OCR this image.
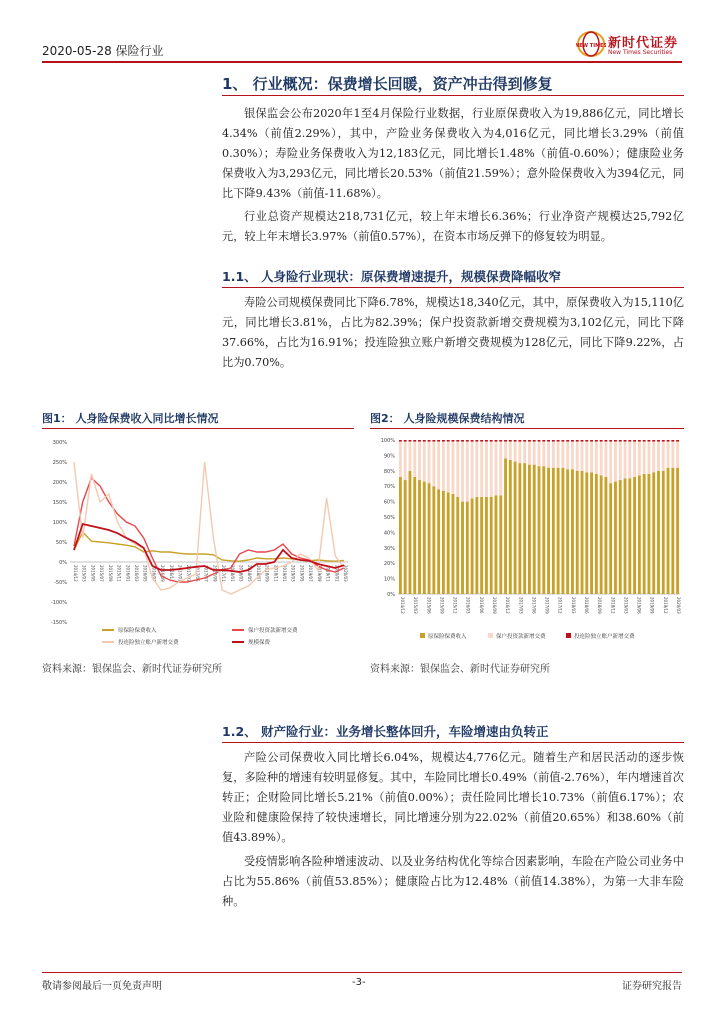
2020-05-28 保险行业	NEW TIMES 新时代证券
New Times Securities
1、 行业概况：保费增长回暖，资产冲击得到修复

银保监会公布2020年1至4月保险行业数据，行业原保费收入为19,886亿元，同比增长4.34%（前值2.29%），其中，产险业务保费收入为4,016亿元，同比增长3.29%（前值0.30%）；寿险业务保费收入为12,183亿元，同比增长1.48%（前值-0.60%）；健康险业务保费收入为3,293亿元，同比增长20.53%（前值21.59%）；意外险保费收入为394亿元，同比下降9.43%（前值-11.68%）。

行业总资产规模达218,731亿元，较上年末增长6.36%；行业净资产规模达25,792亿元，较上年末增长3.97%（前值0.57%），在资本市场反弹下的修复较为明显。

1.1、 人身险行业现状：原保费增速提升，规模保费降幅收窄

寿险公司规模保费同比下降6.78%，规模达18,340亿元，其中，原保费收入为15,110亿元，同比增长3.81%，占比为82.39%；保户投资款新增交费规模为3,102亿元，同比下降37.66%，占比为16.91%；投连险独立账户新增交费规模为128亿元，同比下降9.22%，占比为0.70%。

图1： 人身险保费收入同比增长情况
300%
250%
200%
150%
100%
50%
0%
-50%
-100%
-150%
2014/12 2015/03 2015/05 2015/07 2015/09 2015/11 2016/01 2016/03 2016/05 2016/07 2016/09 2016/11 2017/01 2017/03 2017/05 2017/07 2017/09 2017/11 2018/01 2018/03 2018/05 2018/07 2018/09 2018/11 2019/01 2019/03 2019/05 2019/07 2019/09 2019/11 2020/01 2020/03
原保险保费收入	保户投资款新增交费
投连险独立账户新增交费	规模保费
资料来源：银保监会、新时代证券研究所
图2： 人身险规模保费结构情况
100%
90%
80%
70%
60%
50%
40%
30%
20%
10%
0%
2014/12 2015/03 2015/06 2015/09 2015/12 2016/03 2016/06 2016/09 2016/12 2017/03 2017/06 2017/09 2017/12 2018/03 2018/06 2018/09 2018/12 2019/03 2019/06 2019/09 2019/12 2020/03
原保险保费收入	保户投资款新增交费	投连险独立账户新增交费
资料来源：银保监会、新时代证券研究所
1.2、 财产险行业：业务增长整体回升，车险增速由负转正

产险公司保费收入同比增长6.04%，规模达4,776亿元。随着生产和居民活动的逐步恢复，多险种的增速有较明显修复。其中，车险同比增长0.49%（前值-2.76%），年内增速首次转正；企财险同比增长5.21%（前值0.00%）；责任险同比增长10.73%（前值6.17%）；农业险和健康险保持了较快速增长，同比增速分别为22.02%（前值20.65%）和38.60%（前值43.89%）。

受疫情影响各险种增速波动、以及业务结构优化等综合因素影响，车险在产险公司业务中占比为55.86%（前值53.85%）；健康险占比为12.48%（前值14.38%），为第一大非车险种。

敬请参阅最后一页免责声明	-3-	证券研究报告
